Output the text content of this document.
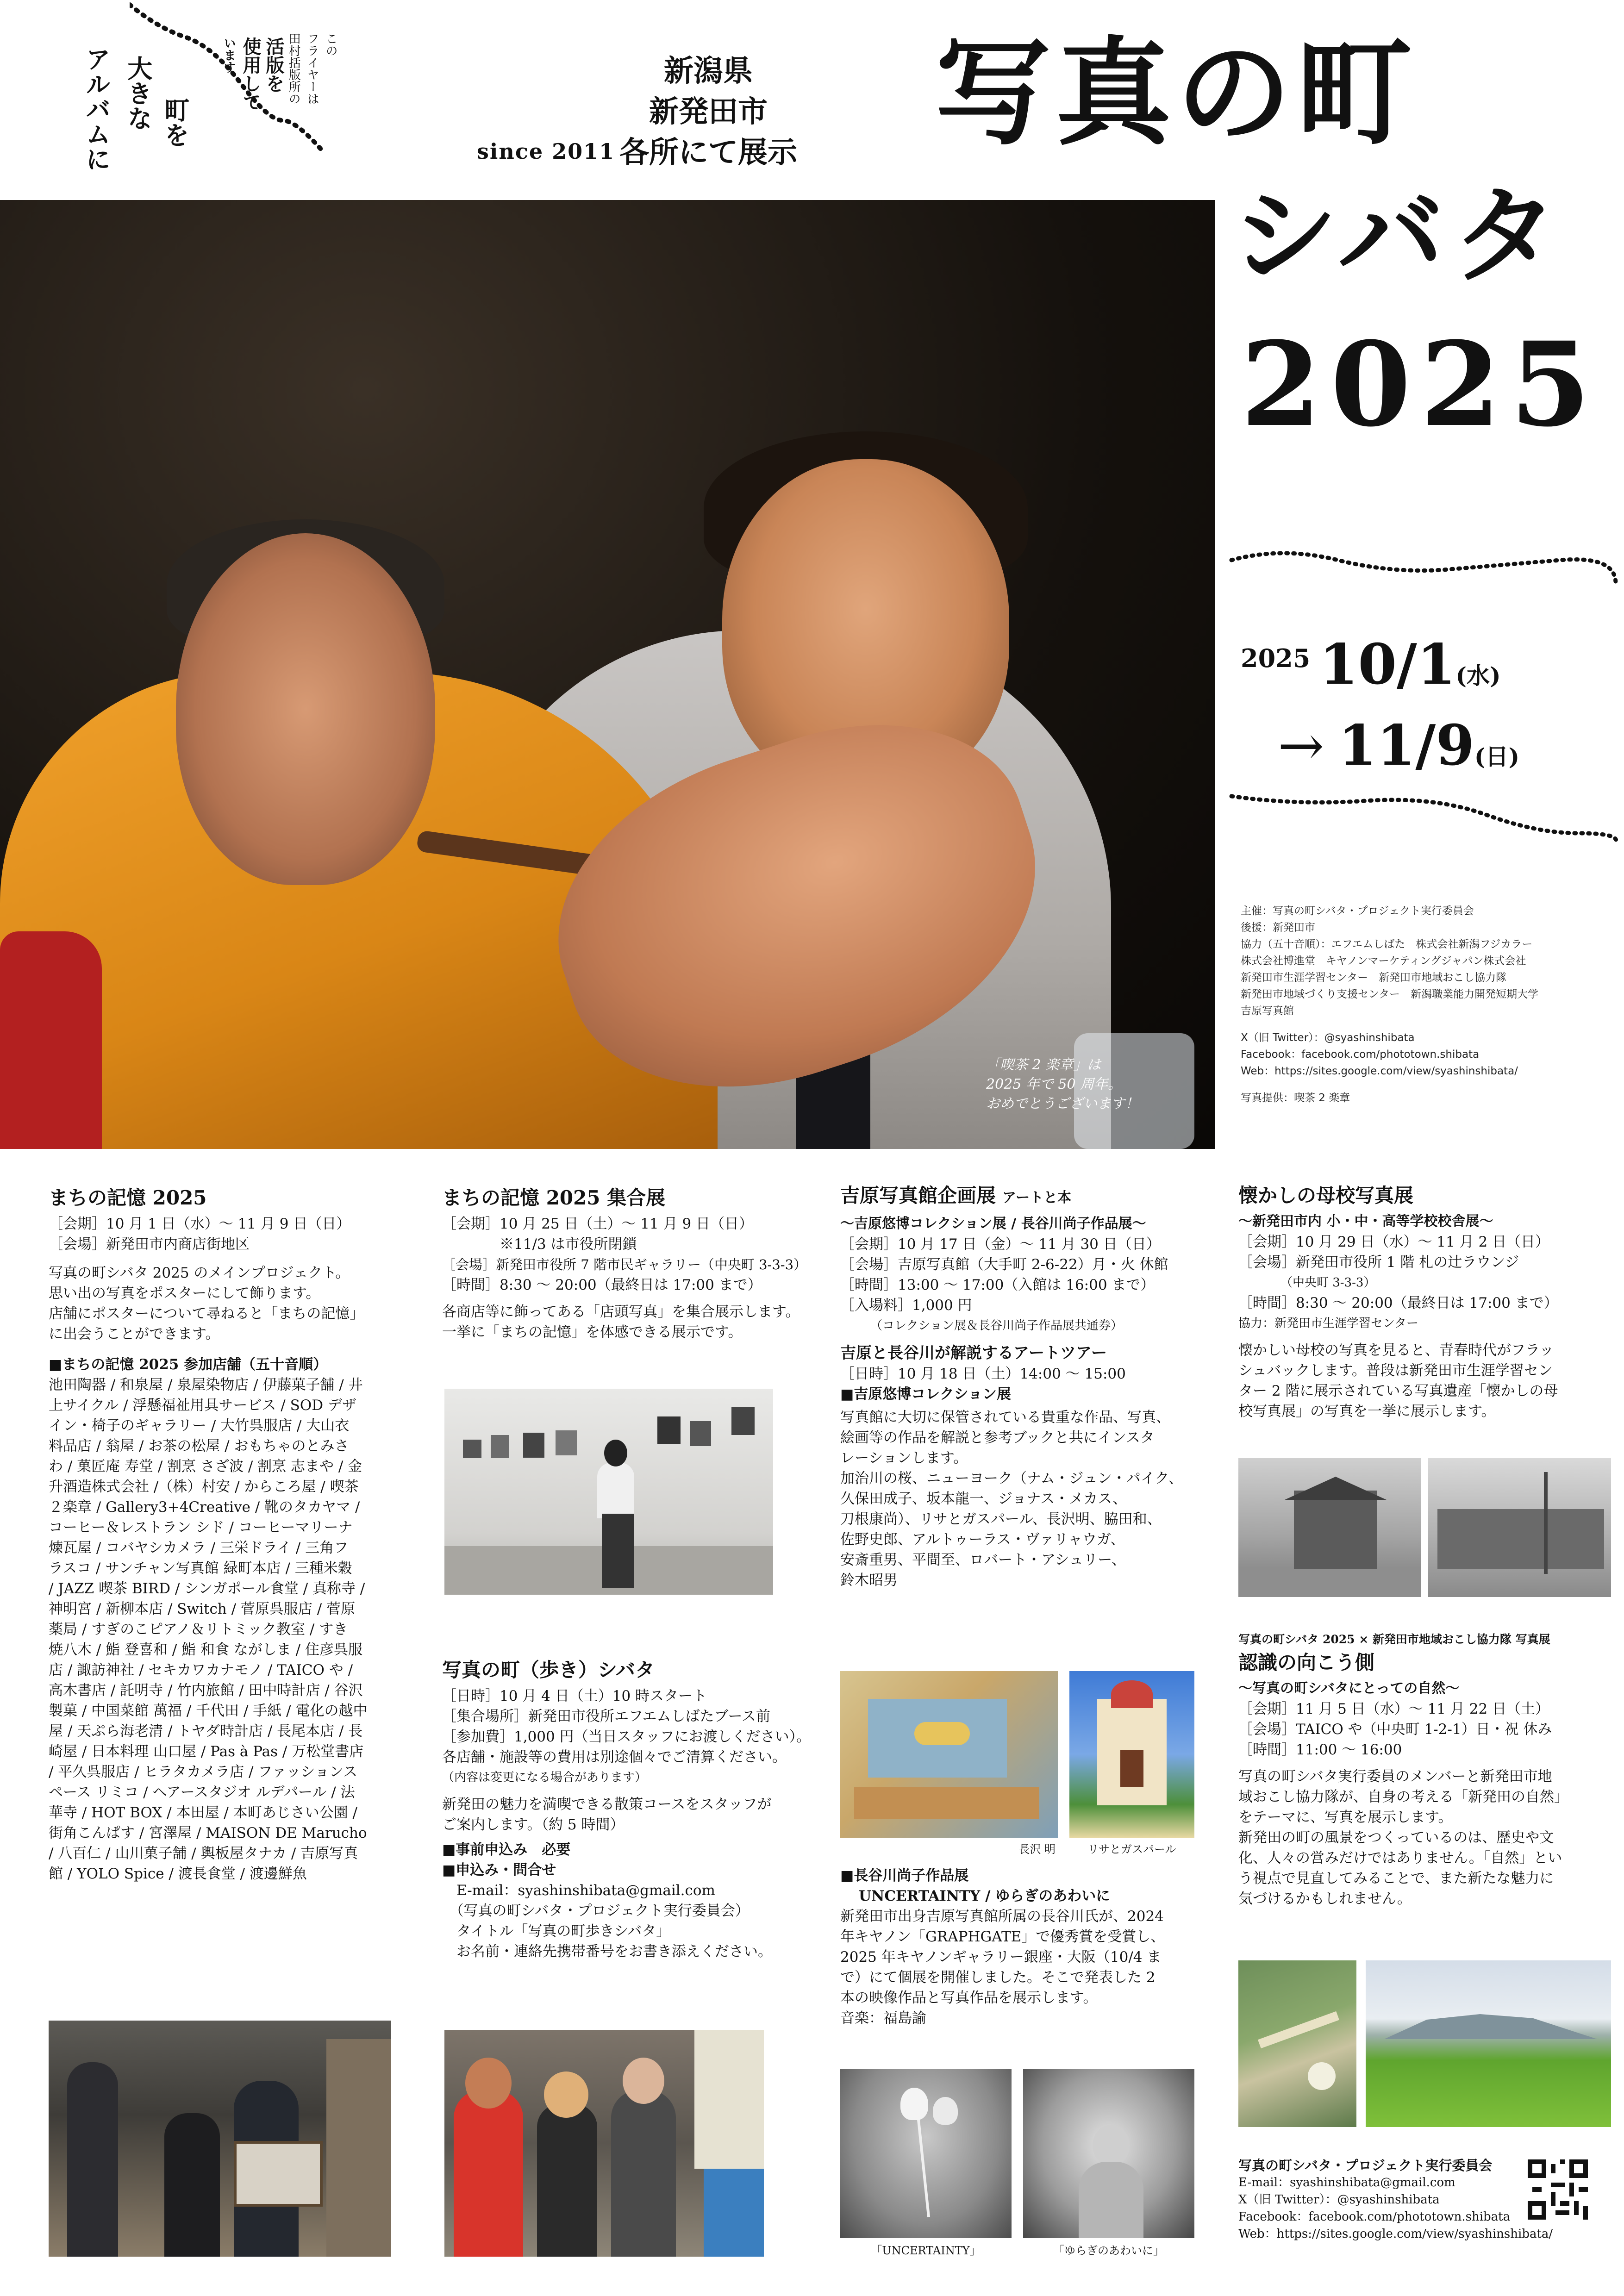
アルバムに 大きな 町を
います 使用して 活版を 田村括版所の フライヤーは この
since 2011
新潟県
新発田市
各所にて展示 写真の町
シバタ
2025
「喫茶 2 楽章」は
2025 年で 50 周年。
おめでとうございます！
2025 10/1(水)
→ 11/9(日)
主催：写真の町シバタ・プロジェクト実行委員会
後援：新発田市
協力（五十音順）：エフエムしばた　株式会社新潟フジカラー
株式会社博進堂　キヤノンマーケティングジャパン株式会社
新発田市生涯学習センター　新発田市地域おこし協力隊
新発田市地域づくり支援センター　新潟職業能力開発短期大学
吉原写真館
X（旧 Twitter）：@syashinshibata
Facebook：facebook.com/phototown.shibata
Web：https://sites.google.com/view/syashinshibata/
写真提供：喫茶 2 楽章
まちの記憶 2025
［会期］10 月 1 日（水）〜 11 月 9 日（日）
［会場］新発田市内商店街地区
写真の町シバタ 2025 のメインプロジェクト。
思い出の写真をポスターにして飾ります。
店舗にポスターについて尋ねると「まちの記憶」
に出会うことができます。
■まちの記憶 2025 参加店舗（五十音順）
池田陶器 / 和泉屋 / 泉屋染物店 / 伊藤菓子舗 / 井
上サイクル / 浮懸福祉用具サービス / SOD デザ
イン・椅子のギャラリー / 大竹呉服店 / 大山衣
料品店 / 翁屋 / お茶の松屋 / おもちゃのとみさ
わ / 菓匠庵 寿堂 / 割烹 さざ波 / 割烹 志まや / 金
升酒造株式会社 /（株）村安 / からころ屋 / 喫茶
２楽章 / Gallery3+4Creative / 靴のタカヤマ /
コーヒー＆レストラン シド / コーヒーマリーナ
煉瓦屋 / コバヤシカメラ / 三栄ドライ / 三角フ
ラスコ / サンチャン写真館 緑町本店 / 三種米穀
/ JAZZ 喫茶 BIRD / シンガポール食堂 / 真称寺 /
神明宮 / 新柳本店 / Switch / 菅原呉服店 / 菅原
薬局 / すぎのこピアノ＆リトミック教室 / すき
焼八木 / 鮨 登喜和 / 鮨 和食 ながしま / 住彦呉服
店 / 諏訪神社 / セキカワカナモノ / TAICO や /
高木書店 / 託明寺 / 竹内旅館 / 田中時計店 / 谷沢
製菓 / 中国菜館 萬福 / 千代田 / 手紙 / 電化の越中
屋 / 天ぷら海老清 / トヤダ時計店 / 長尾本店 / 長
崎屋 / 日本料理 山口屋 / Pas à Pas / 万松堂書店
/ 平久呉服店 / ヒラタカメラ店 / ファッションス
ペース リミコ / ヘアースタジオ ルデパール / 法
華寺 / HOT BOX / 本田屋 / 本町あじさい公園 /
街角こんぱす / 宮澤屋 / MAISON DE Marucho
/ 八百仁 / 山川菓子舗 / 輿板屋タナカ / 吉原写真
館 / YOLO Spice / 渡長食堂 / 渡邊鮮魚
まちの記憶 2025 集合展
［会期］10 月 25 日（土）〜 11 月 9 日（日）
　　　　※11/3 は市役所閉鎖
［会場］新発田市役所 7 階市民ギャラリー（中央町 3-3-3）
［時間］8:30 〜 20:00（最終日は 17:00 まで）
各商店等に飾ってある「店頭写真」を集合展示します。
一挙に「まちの記憶」を体感できる展示です。
写真の町（歩き）シバタ
［日時］10 月 4 日（土）10 時スタート
［集合場所］新発田市役所エフエムしばたブース前
［参加費］1,000 円（当日スタッフにお渡しください）。
各店舗・施設等の費用は別途個々でご清算ください。
（内容は変更になる場合があります）
新発田の魅力を満喫できる散策コースをスタッフが
ご案内します。（約 5 時間）
■事前申込み　必要
■申込み・問合せ
　E-mail：syashinshibata@gmail.com
　（写真の町シバタ・プロジェクト実行委員会）
　タイトル「写真の町歩きシバタ」
　お名前・連絡先携帯番号をお書き添えください。
吉原写真館企画展 アートと本
〜吉原悠博コレクション展 / 長谷川尚子作品展〜
［会期］10 月 17 日（金）〜 11 月 30 日（日）
［会場］吉原写真館（大手町 2-6-22）月・火 休館
［時間］13:00 〜 17:00（入館は 16:00 まで）
［入場料］1,000 円
　　　（コレクション展＆長谷川尚子作品展共通券）
吉原と長谷川が解説するアートツアー
［日時］10 月 18 日（土）14:00 〜 15:00
■吉原悠博コレクション展
写真館に大切に保管されている貴重な作品、写真、
絵画等の作品を解説と参考ブックと共にインスタ
レーションします。
加治川の桜、ニューヨーク（ナム・ジュン・パイク、
久保田成子、坂本龍一、ジョナス・メカス、
刀根康尚）、リサとガスパール、長沢明、脇田和、
佐野史郎、アルトゥーラス・ヴァリャウガ、
安斎重男、平間至、ロバート・アシュリー、
鈴木昭男
長沢 明	リサとガスパール
■長谷川尚子作品展
UNCERTAINTY / ゆらぎのあわいに
新発田市出身吉原写真館所属の長谷川氏が、2024
年キヤノン「GRAPHGATE」で優秀賞を受賞し、
2025 年キヤノンギャラリー銀座・大阪（10/4 ま
で）にて個展を開催しました。そこで発表した 2
本の映像作品と写真作品を展示します。
音楽：福島諭
「UNCERTAINTY」	「ゆらぎのあわいに」
懐かしの母校写真展
〜新発田市内 小・中・高等学校校舎展〜
［会期］10 月 29 日（水）〜 11 月 2 日（日）
［会場］新発田市役所 1 階 札の辻ラウンジ
　　　　（中央町 3-3-3）
［時間］8:30 〜 20:00（最終日は 17:00 まで）
協力：新発田市生涯学習センター
懐かしい母校の写真を見ると、青春時代がフラッ
シュバックします。普段は新発田市生涯学習セン
ター 2 階に展示されている写真遺産「懐かしの母
校写真展」の写真を一挙に展示します。
写真の町シバタ 2025 × 新発田市地域おこし協力隊 写真展
認識の向こう側
〜写真の町シバタにとっての自然〜
［会期］11 月 5 日（水）〜 11 月 22 日（土）
［会場］TAICO や（中央町 1-2-1）日・祝 休み
［時間］11:00 〜 16:00
写真の町シバタ実行委員のメンバーと新発田市地
域おこし協力隊が、自身の考える「新発田の自然」
をテーマに、写真を展示します。
新発田の町の風景をつくっているのは、歴史や文
化、人々の営みだけではありません。「自然」とい
う視点で見直してみることで、また新たな魅力に
気づけるかもしれません。
写真の町シバタ・プロジェクト実行委員会
E-mail：syashinshibata@gmail.com
X（旧 Twitter）：@syashinshibata
Facebook：facebook.com/phototown.shibata
Web：https://sites.google.com/view/syashinshibata/
